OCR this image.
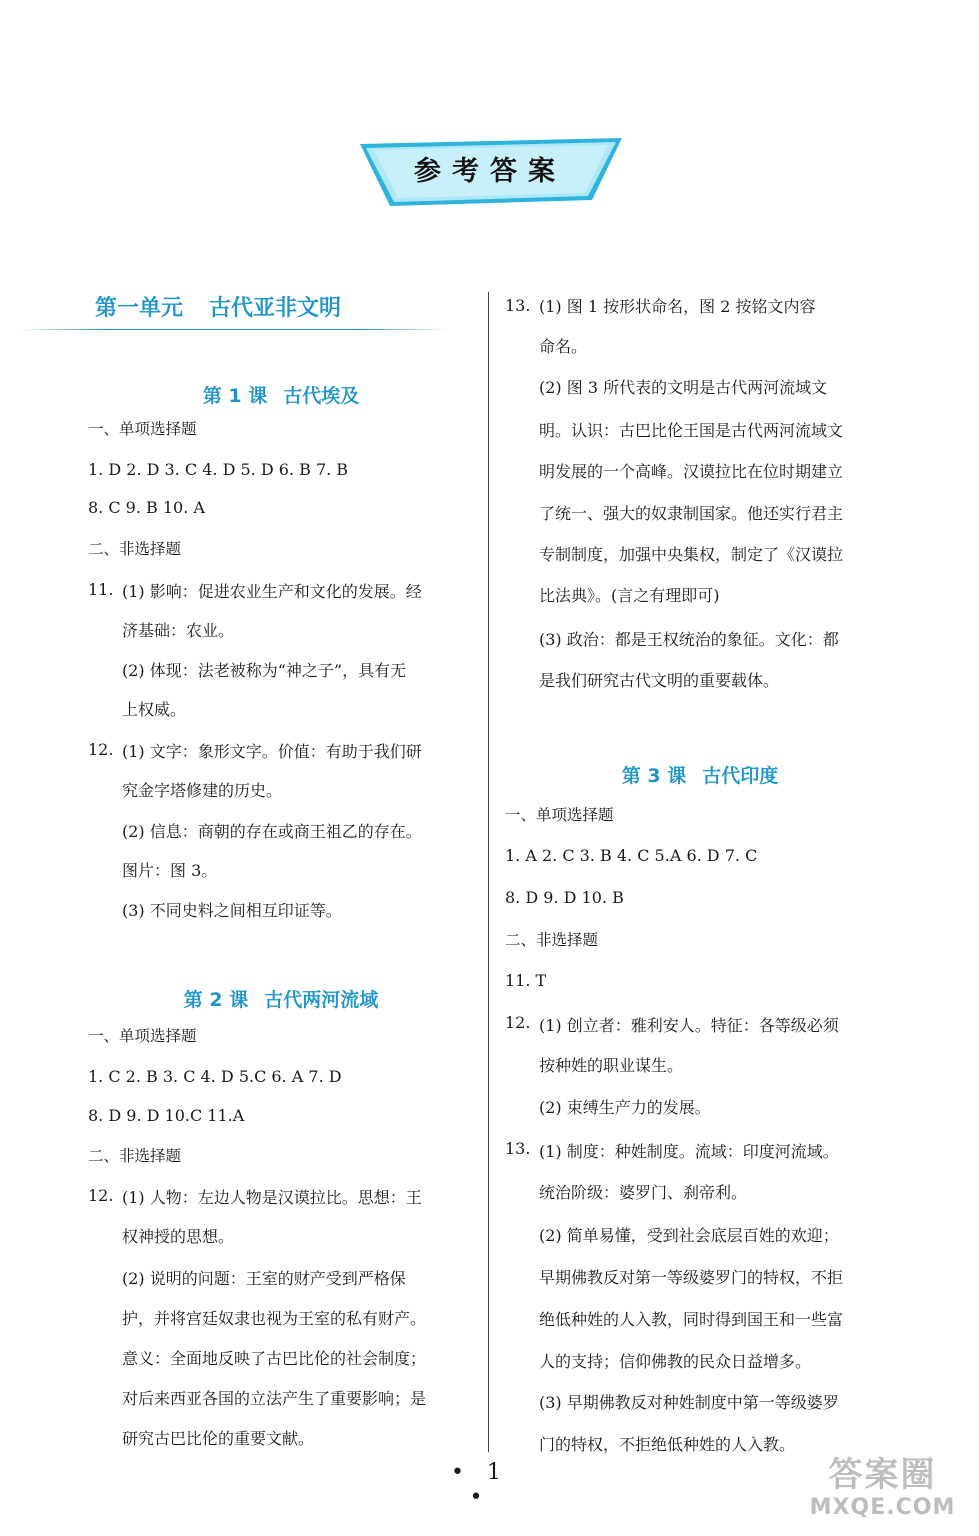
参考答案
第一单元 古代亚非文明
第 1 课 古代埃及
一、单项选择题
1. D 2. D 3. C 4. D 5. D 6. B 7. B
8. C 9. B 10. A
二、非选择题
11. (1) 影响：促进农业生产和文化的发展。经
济基础：农业。
(2) 体现：法老被称为“神之子”，具有无
上权威。
12. (1) 文字：象形文字。价值：有助于我们研
究金字塔修建的历史。
(2) 信息：商朝的存在或商王祖乙的存在。
图片：图 3。
(3) 不同史料之间相互印证等。
第 2 课 古代两河流域
一、单项选择题
1. C 2. B 3. C 4. D 5.C 6. A 7. D
8. D 9. D 10.C 11.A
二、非选择题
12. (1) 人物：左边人物是汉谟拉比。思想：王
权神授的思想。
(2) 说明的问题：王室的财产受到严格保
护，并将宫廷奴隶也视为王室的私有财产。
意义：全面地反映了古巴比伦的社会制度；
对后来西亚各国的立法产生了重要影响；是
研究古巴比伦的重要文献。
13. (1) 图 1 按形状命名，图 2 按铭文内容
命名。
(2) 图 3 所代表的文明是古代两河流域文
明。认识：古巴比伦王国是古代两河流域文
明发展的一个高峰。汉谟拉比在位时期建立
了统一、强大的奴隶制国家。他还实行君主
专制制度，加强中央集权，制定了《汉谟拉
比法典》。(言之有理即可)
(3) 政治：都是王权统治的象征。文化：都
是我们研究古代文明的重要载体。
第 3 课 古代印度
一、单项选择题
1. A 2. C 3. B 4. C 5.A 6. D 7. C
8. D 9. D 10. B
二、非选择题
11. T
12. (1) 创立者：雅利安人。特征：各等级必须
按种姓的职业谋生。
(2) 束缚生产力的发展。
13. (1) 制度：种姓制度。流域：印度河流域。
统治阶级：婆罗门、刹帝利。
(2) 简单易懂，受到社会底层百姓的欢迎；
早期佛教反对第一等级婆罗门的特权，不拒
绝低种姓的人入教，同时得到国王和一些富
人的支持；信仰佛教的民众日益增多。
(3) 早期佛教反对种姓制度中第一等级婆罗
门的特权，不拒绝低种姓的人入教。
• 1 •
答案圈
MXQE.COM
